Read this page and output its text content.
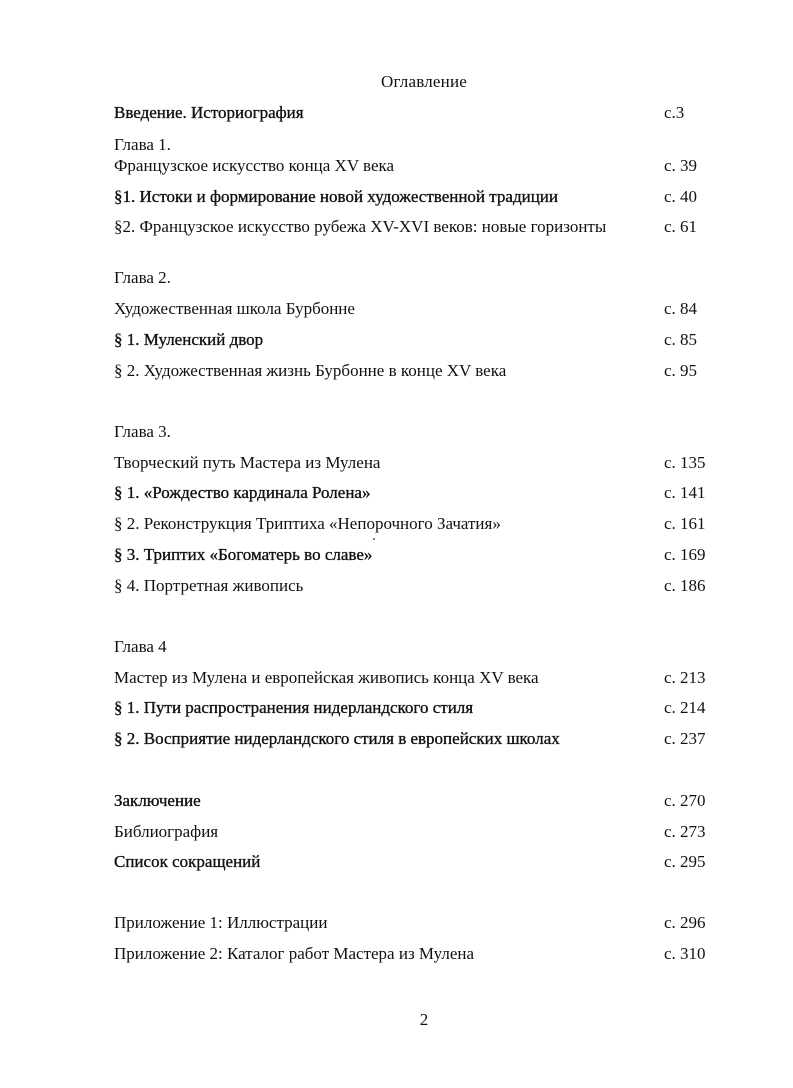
Оглавление
Введение. Историография	с.3
Глава 1.
Французское искусство конца XV века	с. 39
§1. Истоки и формирование новой художественной традиции	с. 40
§2. Французское искусство рубежа XV-XVI веков: новые горизонты	с. 61
Глава 2.
Художественная школа Бурбонне	с. 84
§ 1. Муленский двор	с. 85
§ 2. Художественная жизнь Бурбонне в конце XV века	с. 95
Глава 3.
Творческий путь Мастера из Мулена	с. 135
§ 1. «Рождество кардинала Ролена»	с. 141
§ 2. Реконструкция Триптиха «Непорочного Зачатия»	с. 161
§ 3. Триптих «Богоматерь во славе»	с. 169
§ 4. Портретная живопись	с. 186
Глава 4
Мастер из Мулена и европейская живопись конца XV века	с. 213
§ 1. Пути распространения нидерландского стиля	с. 214
§ 2. Восприятие нидерландского стиля в европейских школах	с. 237
Заключение	с. 270
Библиография	с. 273
Список сокращений	с. 295
Приложение 1: Иллюстрации	с. 296
Приложение 2: Каталог работ Мастера из Мулена	с. 310
2
